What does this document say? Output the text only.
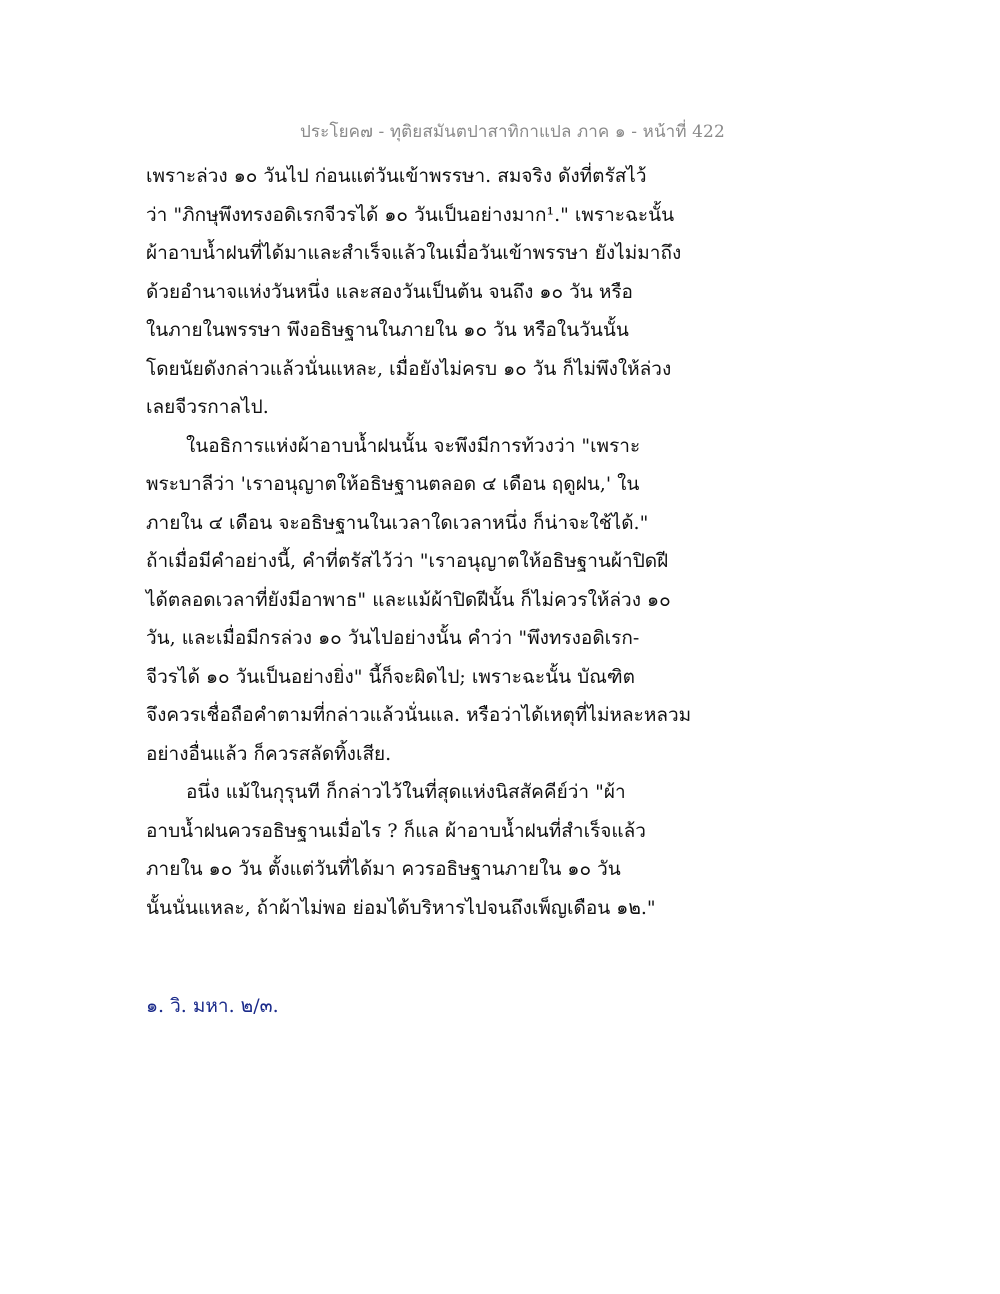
ประโยค๗ - ทุติยสมันตปาสาทิกาแปล ภาค ๑ - หน้าที่ 422
เพราะล่วง ๑๐ วันไป ก่อนแต่วันเข้าพรรษา. สมจริง ดังที่ตรัสไว้
ว่า "ภิกษุพึงทรงอดิเรกจีวรได้ ๑๐ วันเป็นอย่างมาก¹." เพราะฉะนั้น
ผ้าอาบน้ำฝนที่ได้มาและสำเร็จแล้วในเมื่อวันเข้าพรรษา ยังไม่มาถึง
ด้วยอำนาจแห่งวันหนึ่ง และสองวันเป็นต้น จนถึง ๑๐ วัน หรือ
ในภายในพรรษา พึงอธิษฐานในภายใน ๑๐ วัน หรือในวันนั้น
โดยนัยดังกล่าวแล้วนั่นแหละ, เมื่อยังไม่ครบ ๑๐ วัน ก็ไม่พึงให้ล่วง
เลยจีวรกาลไป.
ในอธิการแห่งผ้าอาบน้ำฝนนั้น จะพึงมีการท้วงว่า "เพราะ
พระบาลีว่า 'เราอนุญาตให้อธิษฐานตลอด ๔ เดือน ฤดูฝน,' ใน
ภายใน ๔ เดือน จะอธิษฐานในเวลาใดเวลาหนึ่ง ก็น่าจะใช้ได้."
ถ้าเมื่อมีคำอย่างนี้, คำที่ตรัสไว้ว่า "เราอนุญาตให้อธิษฐานผ้าปิดฝี
ได้ตลอดเวลาที่ยังมีอาพาธ" และแม้ผ้าปิดฝีนั้น ก็ไม่ควรให้ล่วง ๑๐
วัน, และเมื่อมีกรล่วง ๑๐ วันไปอย่างนั้น คำว่า "พึงทรงอดิเรก-
จีวรได้ ๑๐ วันเป็นอย่างยิ่ง" นี้ก็จะผิดไป; เพราะฉะนั้น บัณฑิต
จึงควรเชื่อถือคำตามที่กล่าวแล้วนั่นแล. หรือว่าได้เหตุที่ไม่หละหลวม
อย่างอื่นแล้ว ก็ควรสลัดทิ้งเสีย.
อนึ่ง แม้ในกุรุนที ก็กล่าวไว้ในที่สุดแห่งนิสสัคคีย์ว่า "ผ้า
อาบน้ำฝนควรอธิษฐานเมื่อไร ? ก็แล ผ้าอาบน้ำฝนที่สำเร็จแล้ว
ภายใน ๑๐ วัน ตั้งแต่วันที่ได้มา ควรอธิษฐานภายใน ๑๐ วัน
นั้นนั่นแหละ, ถ้าผ้าไม่พอ ย่อมได้บริหารไปจนถึงเพ็ญเดือน ๑๒."
๑. วิ. มหา. ๒/๓.
